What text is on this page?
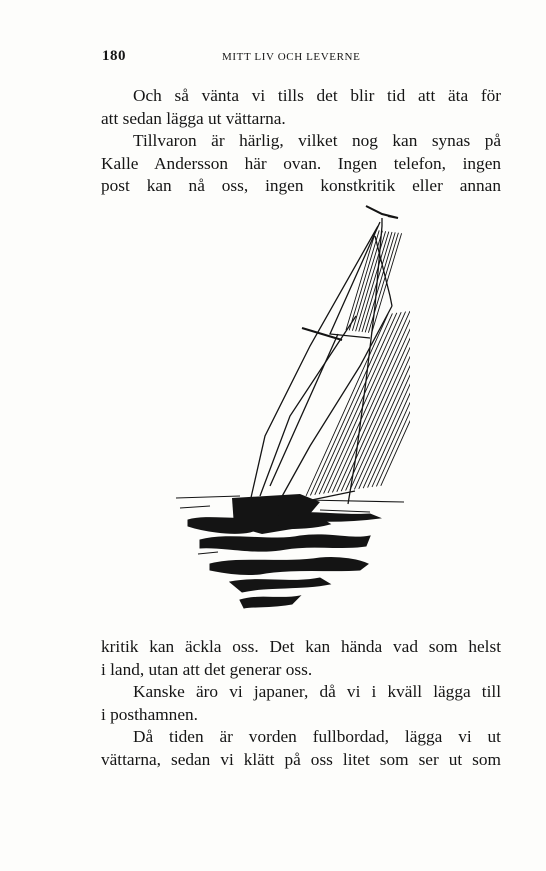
180	MITT LIV OCH LEVERNE

Och så vänta vi tills det blir tid att äta för

att sedan lägga ut vättarna.

Tillvaron är härlig, vilket nog kan synas på

Kalle Andersson här ovan. Ingen telefon, ingen

post kan nå oss, ingen konstkritik eller annan

kritik kan äckla oss. Det kan hända vad som helst

i land, utan att det generar oss.

Kanske äro vi japaner, då vi i kväll lägga till

i posthamnen.

Då tiden är vorden fullbordad, lägga vi ut

vättarna, sedan vi klätt på oss litet som ser ut som
